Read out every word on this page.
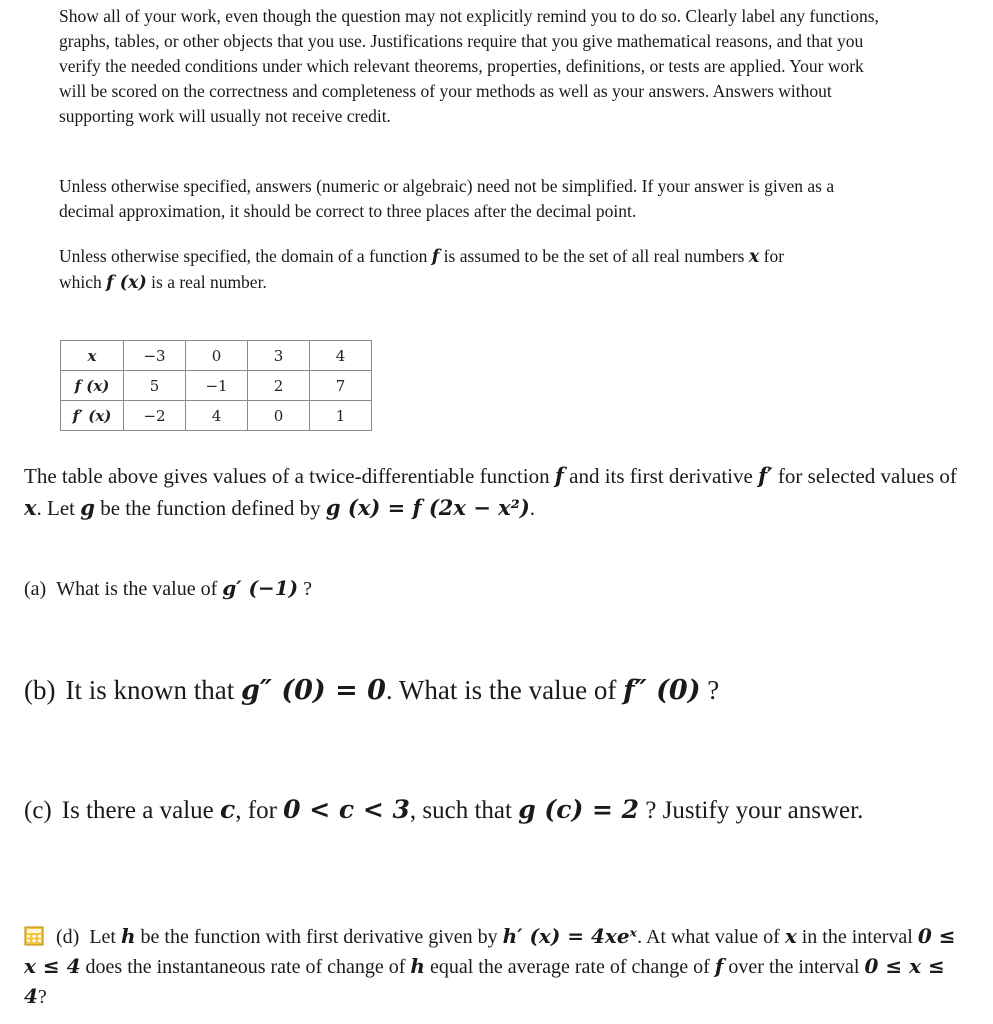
Show all of your work, even though the question may not explicitly remind you to do so. Clearly label any functions, graphs, tables, or other objects that you use. Justifications require that you give mathematical reasons, and that you verify the needed conditions under which relevant theorems, properties, definitions, or tests are applied. Your work will be scored on the correctness and completeness of your methods as well as your answers. Answers without supporting work will usually not receive credit.

Unless otherwise specified, answers (numeric or algebraic) need not be simplified. If your answer is given as a decimal approximation, it should be correct to three places after the decimal point.

Unless otherwise specified, the domain of a function f is assumed to be the set of all real numbers x for
which f (x) is a real number.

x	−3	0	3	4
f (x)	5	−1	2	7
f′ (x)	−2	4	0	1

The table above gives values of a twice-differentiable function f and its first derivative f′ for selected values of x. Let g be the function defined by g (x) = f (2x − x²).

(a) What is the value of g′ (−1) ?

(b) It is known that g″ (0) = 0. What is the value of f″ (0) ?

(c) Is there a value c, for 0 < c < 3, such that g (c) = 2 ? Justify your answer.

(d) Let h be the function with first derivative given by h′ (x) = 4xeˣ. At what value of x in the interval 0 ≤ x ≤ 4 does the instantaneous rate of change of h equal the average rate of change of f over the interval 0 ≤ x ≤ 4?
